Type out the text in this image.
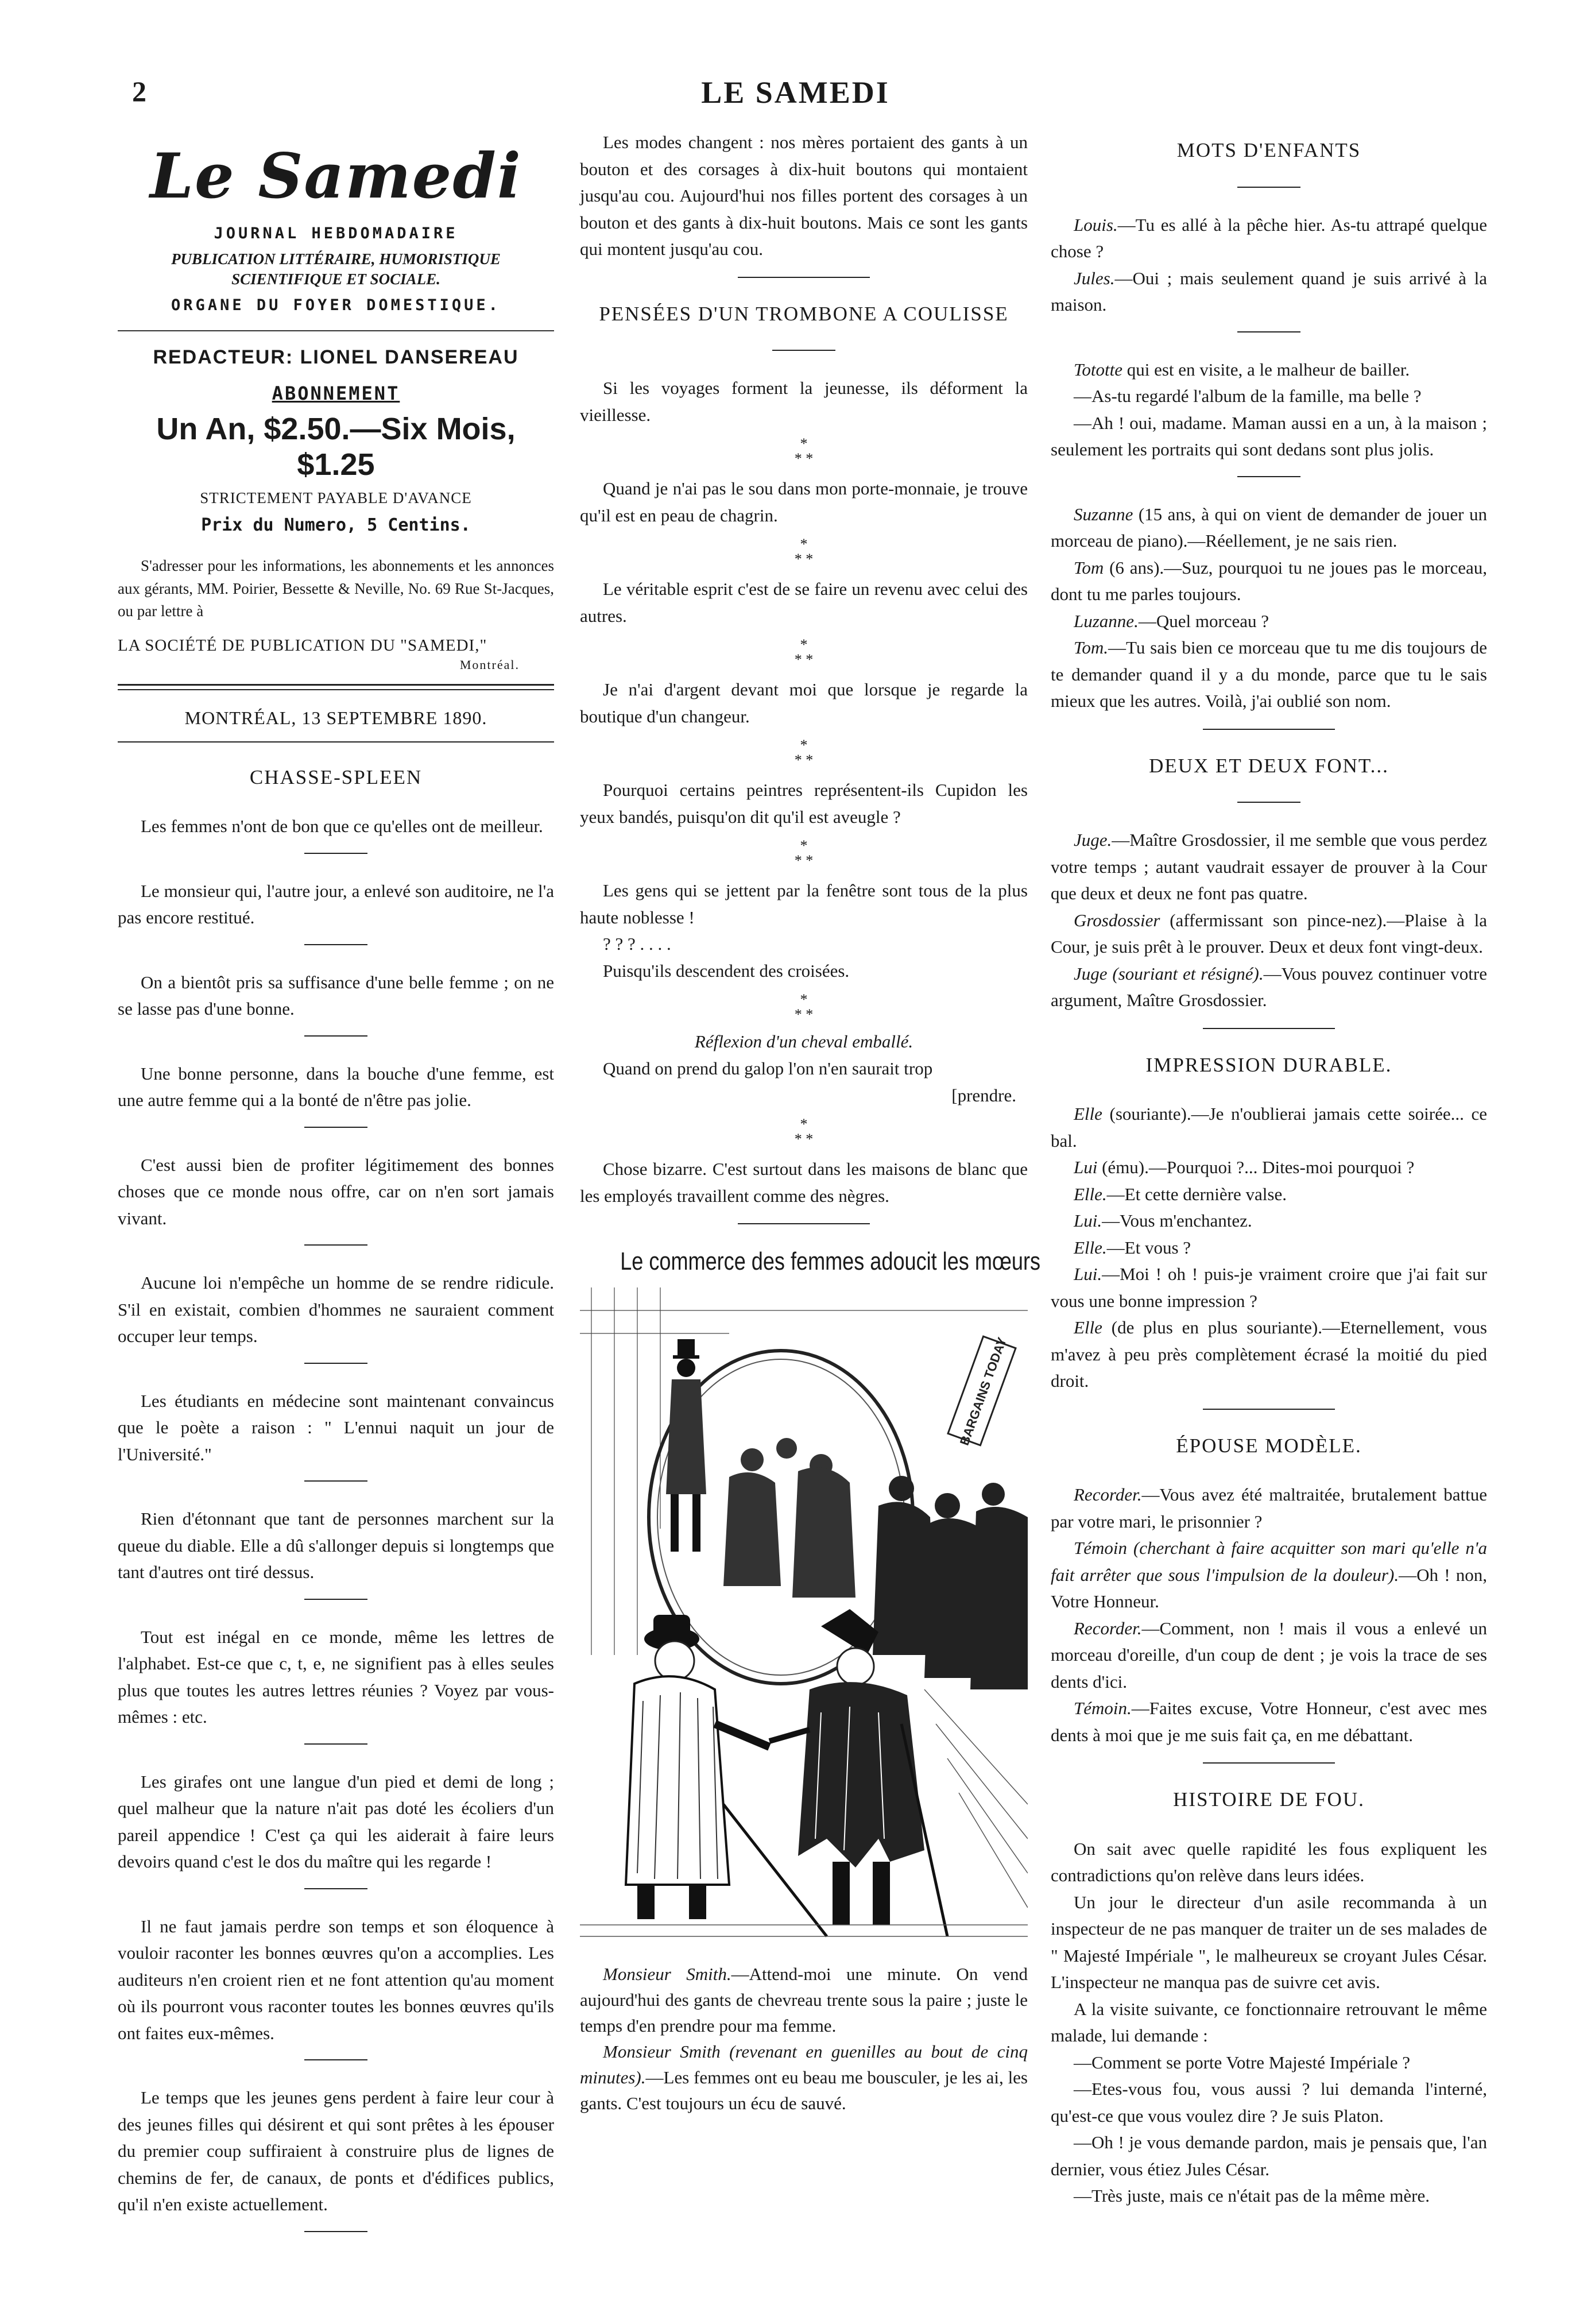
2	LE SAMEDI
Le Samedi
JOURNAL HEBDOMADAIRE
PUBLICATION LITTÉRAIRE, HUMORISTIQUE SCIENTIFIQUE ET SOCIALE.
ORGANE DU FOYER DOMESTIQUE.
REDACTEUR: LIONEL DANSEREAU
ABONNEMENT
Un An, $2.50.—Six Mois, $1.25
STRICTEMENT PAYABLE D'AVANCE
Prix du Numero, 5 Centins.
S'adresser pour les informations, les abonnements et les annonces aux gérants, MM. Poirier, Bessette & Neville, No. 69 Rue St-Jacques, ou par lettre à
LA SOCIÉTÉ DE PUBLICATION DU "SAMEDI,"
Montréal.
MONTRÉAL, 13 SEPTEMBRE 1890.
CHASSE-SPLEEN

Les femmes n'ont de bon que ce qu'elles ont de meilleur.

Le monsieur qui, l'autre jour, a enlevé son auditoire, ne l'a pas encore restitué.

On a bientôt pris sa suffisance d'une belle femme ; on ne se lasse pas d'une bonne.

Une bonne personne, dans la bouche d'une femme, est une autre femme qui a la bonté de n'être pas jolie.

C'est aussi bien de profiter légitimement des bonnes choses que ce monde nous offre, car on n'en sort jamais vivant.

Aucune loi n'empêche un homme de se rendre ridicule. S'il en existait, combien d'hommes ne sauraient comment occuper leur temps.

Les étudiants en médecine sont maintenant convaincus que le poète a raison : " L'ennui naquit un jour de l'Université."

Rien d'étonnant que tant de personnes marchent sur la queue du diable. Elle a dû s'allonger depuis si longtemps que tant d'autres ont tiré dessus.

Tout est inégal en ce monde, même les lettres de l'alphabet. Est-ce que c, t, e, ne signifient pas à elles seules plus que toutes les autres lettres réunies ? Voyez par vous-mêmes : etc.

Les girafes ont une langue d'un pied et demi de long ; quel malheur que la nature n'ait pas doté les écoliers d'un pareil appendice ! C'est ça qui les aiderait à faire leurs devoirs quand c'est le dos du maître qui les regarde !

Il ne faut jamais perdre son temps et son éloquence à vouloir raconter les bonnes œuvres qu'on a accomplies. Les auditeurs n'en croient rien et ne font attention qu'au moment où ils pourront vous raconter toutes les bonnes œuvres qu'ils ont faites eux-mêmes.

Le temps que les jeunes gens perdent à faire leur cour à des jeunes filles qui désirent et qui sont prêtes à les épouser du premier coup suffiraient à construire plus de lignes de chemins de fer, de canaux, de ponts et d'édifices publics, qu'il n'en existe actuellement.

Les modes changent : nos mères portaient des gants à un bouton et des corsages à dix-huit boutons qui montaient jusqu'au cou. Aujourd'hui nos filles portent des corsages à un bouton et des gants à dix-huit boutons. Mais ce sont les gants qui montent jusqu'au cou.

PENSÉES D'UN TROMBONE A COULISSE

Si les voyages forment la jeunesse, ils déforment la vieillesse.

*
* *

Quand je n'ai pas le sou dans mon porte-monnaie, je trouve qu'il est en peau de chagrin.

*
* *

Le véritable esprit c'est de se faire un revenu avec celui des autres.

*
* *

Je n'ai d'argent devant moi que lorsque je regarde la boutique d'un changeur.

*
* *

Pourquoi certains peintres représentent-ils Cupidon les yeux bandés, puisqu'on dit qu'il est aveugle ?

*
* *

Les gens qui se jettent par la fenêtre sont tous de la plus haute noblesse !

? ? ? . . . .
Puisqu'ils descendent des croisées.
*
* *
Réflexion d'un cheval emballé.

Quand on prend du galop l'on n'en saurait trop

[prendre.
*
* *

Chose bizarre. C'est surtout dans les maisons de blanc que les employés travaillent comme des nègres.

Le commerce des femmes adoucit les mœurs
BARGAINS TODAY

Monsieur Smith.—Attend-moi une minute. On vend aujourd'hui des gants de chevreau trente sous la paire ; juste le temps d'en prendre pour ma femme.

Monsieur Smith (revenant en guenilles au bout de cinq minutes).—Les femmes ont eu beau me bousculer, je les ai, les gants. C'est toujours un écu de sauvé.

MOTS D'ENFANTS

Louis.—Tu es allé à la pêche hier. As-tu attrapé quelque chose ?

Jules.—Oui ; mais seulement quand je suis arrivé à la maison.

Tototte qui est en visite, a le malheur de bailler.

—As-tu regardé l'album de la famille, ma belle ?

—Ah ! oui, madame. Maman aussi en a un, à la maison ; seulement les portraits qui sont dedans sont plus jolis.

Suzanne (15 ans, à qui on vient de demander de jouer un morceau de piano).—Réellement, je ne sais rien.

Tom (6 ans).—Suz, pourquoi tu ne joues pas le morceau, dont tu me parles toujours.

Luzanne.—Quel morceau ?

Tom.—Tu sais bien ce morceau que tu me dis toujours de te demander quand il y a du monde, parce que tu le sais mieux que les autres. Voilà, j'ai oublié son nom.

DEUX ET DEUX FONT...

Juge.—Maître Grosdossier, il me semble que vous perdez votre temps ; autant vaudrait essayer de prouver à la Cour que deux et deux ne font pas quatre.

Grosdossier (affermissant son pince-nez).—Plaise à la Cour, je suis prêt à le prouver. Deux et deux font vingt-deux.

Juge (souriant et résigné).—Vous pouvez continuer votre argument, Maître Grosdossier.

IMPRESSION DURABLE.

Elle (souriante).—Je n'oublierai jamais cette soirée... ce bal.

Lui (ému).—Pourquoi ?... Dites-moi pourquoi ?

Elle.—Et cette dernière valse.

Lui.—Vous m'enchantez.

Elle.—Et vous ?

Lui.—Moi ! oh ! puis-je vraiment croire que j'ai fait sur vous une bonne impression ?

Elle (de plus en plus souriante).—Eternellement, vous m'avez à peu près complètement écrasé la moitié du pied droit.

ÉPOUSE MODÈLE.

Recorder.—Vous avez été maltraitée, brutalement battue par votre mari, le prisonnier ?

Témoin (cherchant à faire acquitter son mari qu'elle n'a fait arrêter que sous l'impulsion de la douleur).—Oh ! non, Votre Honneur.

Recorder.—Comment, non ! mais il vous a enlevé un morceau d'oreille, d'un coup de dent ; je vois la trace de ses dents d'ici.

Témoin.—Faites excuse, Votre Honneur, c'est avec mes dents à moi que je me suis fait ça, en me débattant.

HISTOIRE DE FOU.

On sait avec quelle rapidité les fous expliquent les contradictions qu'on relève dans leurs idées.

Un jour le directeur d'un asile recommanda à un inspecteur de ne pas manquer de traiter un de ses malades de " Majesté Impériale ", le malheureux se croyant Jules César. L'inspecteur ne manqua pas de suivre cet avis.

A la visite suivante, ce fonctionnaire retrouvant le même malade, lui demande :

—Comment se porte Votre Majesté Impériale ?

—Etes-vous fou, vous aussi ? lui demanda l'interné, qu'est-ce que vous voulez dire ? Je suis Platon.

—Oh ! je vous demande pardon, mais je pensais que, l'an dernier, vous étiez Jules César.

—Très juste, mais ce n'était pas de la même mère.
